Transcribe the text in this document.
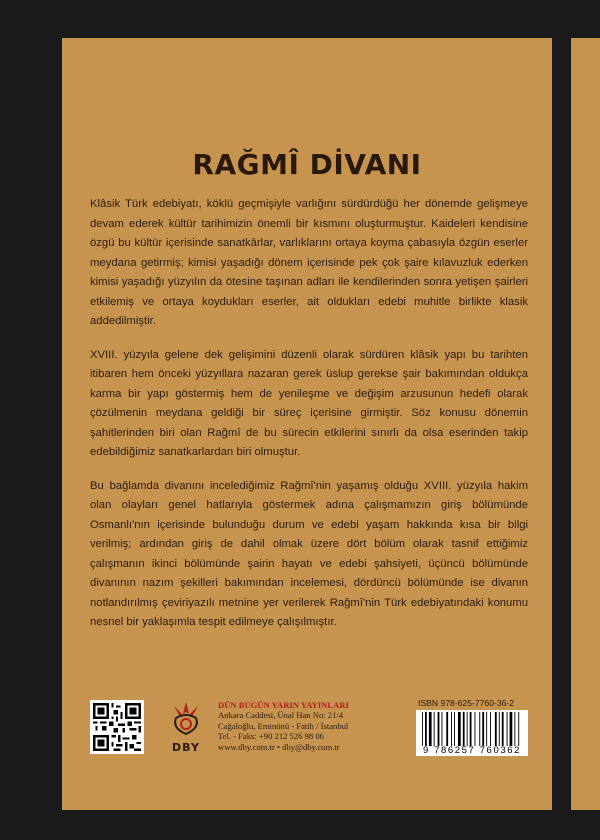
RAĞMÎ DİVANI

Klâsik Türk edebiyatı, köklü geçmişiyle varlığını sürdürdüğü her dönemde gelişmeye devam ederek kültür tarihimizin önemli bir kısmını oluşturmuştur. Kaideleri kendisine özgü bu kültür içerisinde sanatkârlar, varlıklarını ortaya koyma çabasıyla özgün eserler meydana getirmiş; kimisi yaşadığı dönem içerisinde pek çok şaire kılavuzluk ederken kimisi yaşadığı yüzyılın da ötesine taşınan adları ile kendilerinden sonra yetişen şairleri etkilemiş ve ortaya koydukları eserler, ait oldukları edebi muhitle birlikte klasik addedilmiştir.

XVIII. yüzyıla gelene dek gelişimini düzenli olarak sürdüren klâsik yapı bu tarihten itibaren hem önceki yüzyıllara nazaran gerek üslup gerekse şair bakımından oldukça karma bir yapı göstermiş hem de yenileşme ve değişim arzusunun hedefi olarak çözülmenin meydana geldiği bir süreç içerisine girmiştir. Söz konusu dönemin şahitlerinden biri olan Rağmî de bu sürecin etkilerini sınırlı da olsa eserinden takip edebildiğimiz sanatkarlardan biri olmuştur.

Bu bağlamda divanını incelediğimiz Rağmî'nin yaşamış olduğu XVIII. yüzyıla hakim olan olayları genel hatlarıyla göstermek adına çalışmamızın giriş bölümünde Osmanlı'nın içerisinde bulunduğu durum ve edebi yaşam hakkında kısa bir bilgi verilmiş; ardından giriş de dahil olmak üzere dört bölüm olarak tasnif ettiğimiz çalışmanın ikinci bölümünde şairin hayatı ve edebi şahsiyeti, üçüncü bölümünde divanının nazım şekilleri bakımından incelemesi, dördüncü bölümünde ise divanın notlandırılmış çeviriyazılı metnine yer verilerek Rağmî'nin Türk edebiyatındaki konumu nesnel bir yaklaşımla tespit edilmeye çalışılmıştır.

DBY
DÜN BUGÜN YARIN YAYINLARI
Ankara Caddesi, Ünal Han No: 21/4
Cağaloğlu, Eminönü - Fatih / İstanbul
Tel. - Faks: +90 212 526 98 06
www.dby.com.tr • dby@dby.com.tr
ISBN 978-625-7760-36-2
9 786257 760362
